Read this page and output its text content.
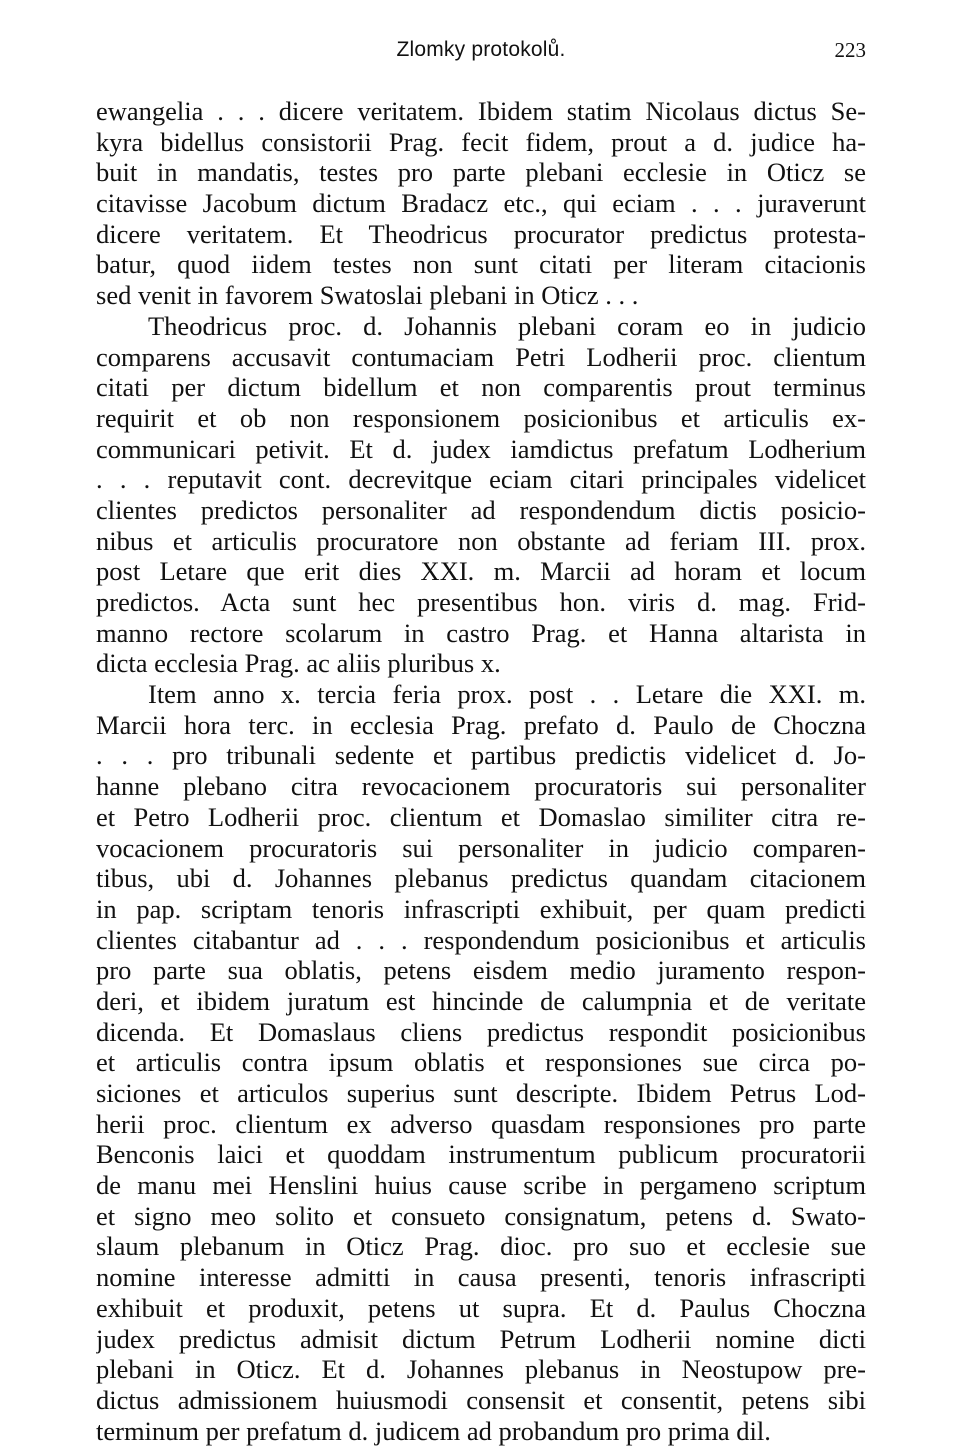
Zlomky protokolů.	223
ewangelia . . . dicere veritatem. Ibidem statim Nicolaus dictus Se-
kyra bidellus consistorii Prag. fecit fidem, prout a d. judice ha-
buit in mandatis, testes pro parte plebani ecclesie in Oticz se
citavisse Jacobum dictum Bradacz etc., qui eciam . . . juraverunt
dicere veritatem. Et Theodricus procurator predictus protesta-
batur, quod iidem testes non sunt citati per literam citacionis
sed venit in favorem Swatoslai plebani in Oticz . . .
Theodricus proc. d. Johannis plebani coram eo in judicio
comparens accusavit contumaciam Petri Lodherii proc. clientum
citati per dictum bidellum et non comparentis prout terminus
requirit et ob non responsionem posicionibus et articulis ex-
communicari petivit. Et d. judex iamdictus prefatum Lodherium
. . . reputavit cont. decrevitque eciam citari principales videlicet
clientes predictos personaliter ad respondendum dictis posicio-
nibus et articulis procuratore non obstante ad feriam III. prox.
post Letare que erit dies XXI. m. Marcii ad horam et locum
predictos. Acta sunt hec presentibus hon. viris d. mag. Frid-
manno rectore scolarum in castro Prag. et Hanna altarista in
dicta ecclesia Prag. ac aliis pluribus x.
Item anno x. tercia feria prox. post . . Letare die XXI. m.
Marcii hora terc. in ecclesia Prag. prefato d. Paulo de Choczna
. . . pro tribunali sedente et partibus predictis videlicet d. Jo-
hanne plebano citra revocacionem procuratoris sui personaliter
et Petro Lodherii proc. clientum et Domaslao similiter citra re-
vocacionem procuratoris sui personaliter in judicio comparen-
tibus, ubi d. Johannes plebanus predictus quandam citacionem
in pap. scriptam tenoris infrascripti exhibuit, per quam predicti
clientes citabantur ad . . . respondendum posicionibus et articulis
pro parte sua oblatis, petens eisdem medio juramento respon-
deri, et ibidem juratum est hincinde de calumpnia et de veritate
dicenda. Et Domaslaus cliens predictus respondit posicionibus
et articulis contra ipsum oblatis et responsiones sue circa po-
siciones et articulos superius sunt descripte. Ibidem Petrus Lod-
herii proc. clientum ex adverso quasdam responsiones pro parte
Benconis laici et quoddam instrumentum publicum procuratorii
de manu mei Henslini huius cause scribe in pergameno scriptum
et signo meo solito et consueto consignatum, petens d. Swato-
slaum plebanum in Oticz Prag. dioc. pro suo et ecclesie sue
nomine interesse admitti in causa presenti, tenoris infrascripti
exhibuit et produxit, petens ut supra. Et d. Paulus Choczna
judex predictus admisit dictum Petrum Lodherii nomine dicti
plebani in Oticz. Et d. Johannes plebanus in Neostupow pre-
dictus admissionem huiusmodi consensit et consentit, petens sibi
terminum per prefatum d. judicem ad probandum pro prima dil.
